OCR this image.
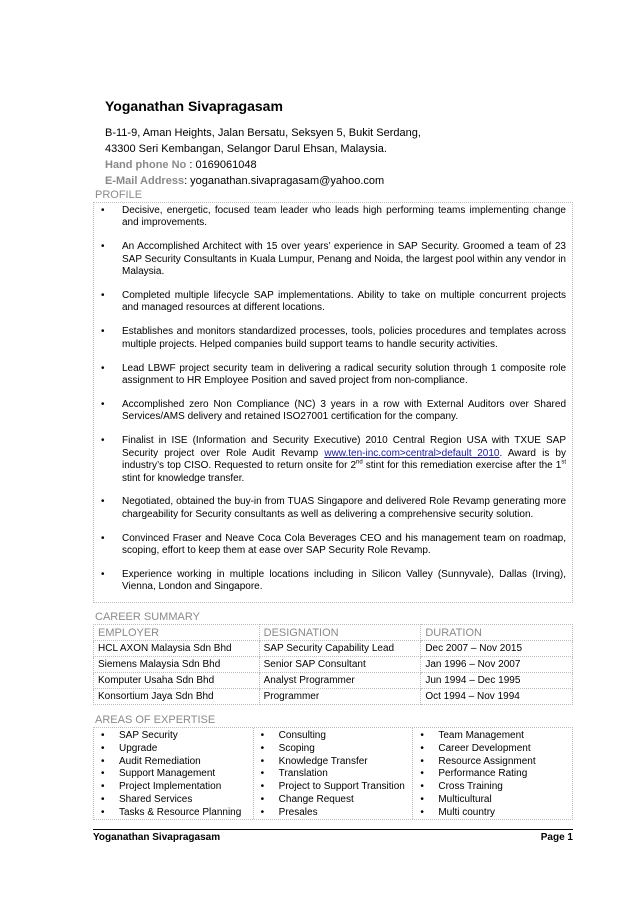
Yoganathan Sivapragasam
B-11-9, Aman Heights, Jalan Bersatu, Seksyen 5, Bukit Serdang,
43300 Seri Kembangan, Selangor Darul Ehsan, Malaysia.
Hand phone No : 0169061048
E-Mail Address: yoganathan.sivapragasam@yahoo.com
PROFILE
• Decisive, energetic, focused team leader who leads high performing teams implementing change and improvements.
• An Accomplished Architect with 15 over years’ experience in SAP Security. Groomed a team of 23 SAP Security Consultants in Kuala Lumpur, Penang and Noida, the largest pool within any vendor in Malaysia.
• Completed multiple lifecycle SAP implementations. Ability to take on multiple concurrent projects and managed resources at different locations.
• Establishes and monitors standardized processes, tools, policies procedures and templates across multiple projects. Helped companies build support teams to handle security activities.
• Lead LBWF project security team in delivering a radical security solution through 1 composite role assignment to HR Employee Position and saved project from non-compliance.
• Accomplished zero Non Compliance (NC) 3 years in a row with External Auditors over Shared Services/AMS delivery and retained ISO27001 certification for the company.
• Finalist in ISE (Information and Security Executive) 2010 Central Region USA with TXUE SAP Security project over Role Audit Revamp www.ten-inc.com>central>default_2010. Award is by industry’s top CISO. Requested to return onsite for 2nd stint for this remediation exercise after the 1st stint for knowledge transfer.
• Negotiated, obtained the buy-in from TUAS Singapore and delivered Role Revamp generating more chargeability for Security consultants as well as delivering a comprehensive security solution.
• Convinced Fraser and Neave Coca Cola Beverages CEO and his management team on roadmap, scoping, effort to keep them at ease over SAP Security Role Revamp.
• Experience working in multiple locations including in Silicon Valley (Sunnyvale), Dallas (Irving), Vienna, London and Singapore.
CAREER SUMMARY
EMPLOYER	DESIGNATION	DURATION
HCL AXON Malaysia Sdn Bhd	SAP Security Capability Lead	Dec 2007 – Nov 2015
Siemens Malaysia Sdn Bhd	Senior SAP Consultant	Jan 1996 – Nov 2007
Komputer Usaha Sdn Bhd	Analyst Programmer	Jun 1994 – Dec 1995
Konsortium Jaya Sdn Bhd	Programmer	Oct 1994 – Nov 1994
AREAS OF EXPERTISE
• SAP Security
• Upgrade
• Audit Remediation
• Support Management
• Project Implementation
• Shared Services
• Tasks & Resource Planning
• Consulting
• Scoping
• Knowledge Transfer
• Translation
• Project to Support Transition
• Change Request
• Presales
• Team Management
• Career Development
• Resource Assignment
• Performance Rating
• Cross Training
• Multicultural
• Multi country
Yoganathan Sivapragasam	Page 1
